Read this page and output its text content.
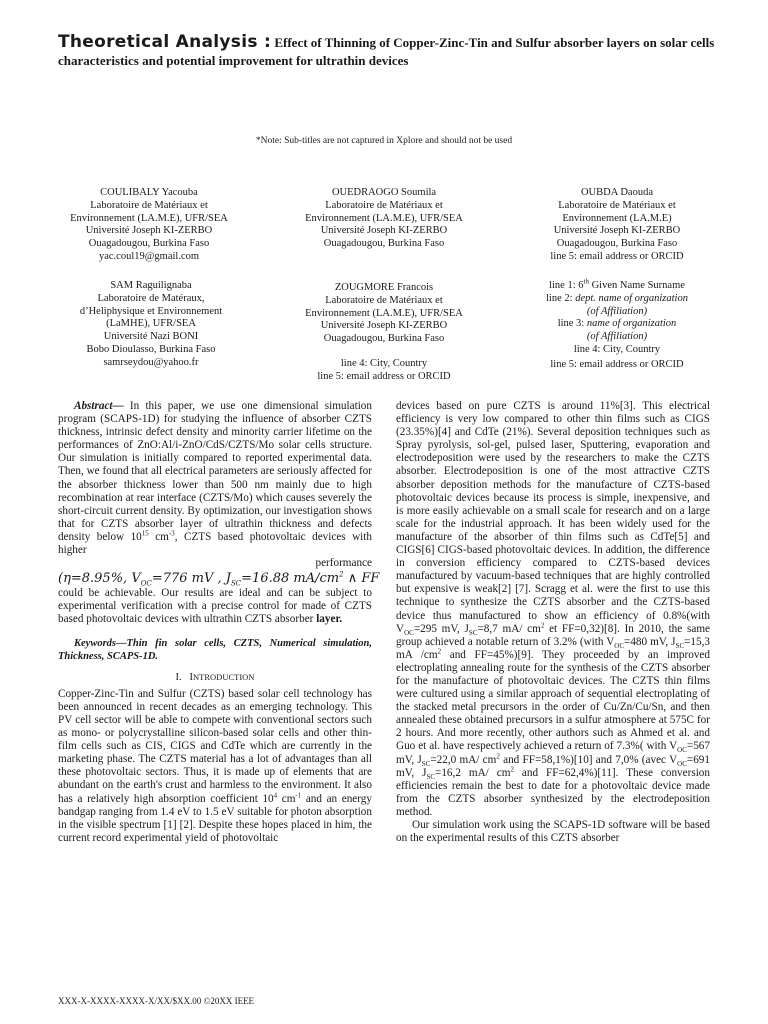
Theoretical Analysis : Effect of Thinning of Copper-Zinc-Tin and Sulfur absorber layers on solar cells characteristics and potential improvement for ultrathin devices
*Note: Sub-titles are not captured in Xplore and should not be used
COULIBALY Yacouba
Laboratoire de Matériaux et
Environnement (LA.M.E), UFR/SEA
Université Joseph KI-ZERBO
Ouagadougou, Burkina Faso
yac.coul19@gmail.com
OUEDRAOGO Soumila
Laboratoire de Matériaux et
Environnement (LA.M.E), UFR/SEA
Université Joseph KI-ZERBO
Ouagadougou, Burkina Faso
OUBDA Daouda
Laboratoire de Matériaux et
Environnement (LA.M.E)
Université Joseph KI-ZERBO
Ouagadougou, Burkina Faso
line 5: email address or ORCID
SAM Raguilignaba
Laboratoire de Matéraux,
d’Heliphysique et Environnement
(LaMHE), UFR/SEA
Université Nazi BONI
Bobo Dioulasso, Burkina Faso
samrseydou@yahoo.fr
ZOUGMORE Francois
Laboratoire de Matériaux et
Environnement (LA.M.E), UFR/SEA
Université Joseph KI-ZERBO
Ouagadougou, Burkina Faso
line 4: City, Country
line 5: email address or ORCID
line 1: 6th Given Name Surname
line 2: dept. name of organization
(of Affiliation)
line 3: name of organization
(of Affiliation)
line 4: City, Country
line 5: email address or ORCID

Abstract— In this paper, we use one dimensional simulation program (SCAPS-1D) for studying the influence of absorber CZTS thickness, intrinsic defect density and minority carrier lifetime on the performances of ZnO:Al/i-ZnO/CdS/CZTS/Mo solar cells structure. Our simulation is initially compared to reported experimental data. Then, we found that all electrical parameters are seriously affected for the absorber thickness lower than 500 nm mainly due to high recombination at rear interface (CZTS/Mo) which causes severely the short-circuit current density. By optimization, our investigation shows that for CZTS absorber layer of ultrathin thickness and defects density below $10^{15}$ $cm^{-3}$, CZTS based photovoltaic devices with higher
performance

(η=8.95%, $V_{OC}=776$ mV , $J_{SC}=16.88$ $mA/cm^2$ ∧ FF

could be achievable. Our results are ideal and can be subject to experimental verification with a precise control for made of CZTS based photovoltaic devices with ultrathin CZTS absorber layer.

Keywords—Thin fin solar cells, CZTS, Numerical simulation, Thickness, SCAPS-1D.

I. INTRODUCTION

Copper-Zinc-Tin and Sulfur (CZTS) based solar cell technology has been announced in recent decades as an emerging technology. This PV cell sector will be able to compete with conventional sectors such as mono- or polycrystalline silicon-based solar cells and other thin-film cells such as CIS, CIGS and CdTe which are currently in the marketing phase. The CZTS material has a lot of advantages than all these photovoltaic sectors. Thus, it is made up of elements that are abundant on the earth's crust and harmless to the environment. It also has a relatively high absorption coefficient $10^4$ $cm^{-1}$ and an energy bandgap ranging from 1.4 eV to 1.5 eV suitable for photon absorption in the visible spectrum [1] [2]. Despite these hopes placed in him, the current record experimental yield of photovoltaic

devices based on pure CZTS is around 11%[3]. This electrical efficiency is very low compared to other thin films such as CIGS (23.35%)[4] and CdTe (21%). Several deposition techniques such as Spray pyrolysis, sol-gel, pulsed laser, Sputtering, evaporation and electrodeposition were used by the researchers to make the CZTS absorber. Electrodeposition is one of the most attractive CZTS absorber deposition methods for the manufacture of CZTS-based photovoltaic devices because its process is simple, inexpensive, and is more easily achievable on a small scale for research and on a large scale for the industrial approach. It has been widely used for the manufacture of the absorber of thin films such as CdTe[5] and CIGS[6] CIGS-based photovoltaic devices. In addition, the difference in conversion efficiency compared to CZTS-based devices manufactured by vacuum-based techniques that are highly controlled but expensive is weak[2] [7]. Scragg et al. were the first to use this technique to synthesize the CZTS absorber and the CZTS-based device thus manufactured to show an efficiency of 0.8%(with $V_{OC}=295$ mV, $J_{SC}=8,7$ mA/ $cm^2$ et FF=0,32)[8]. In 2010, the same group achieved a notable return of 3.2% (with $V_{OC}=480$ mV, $J_{SC}=15,3$ mA $/cm^2$ and FF=45%)[9]. They proceeded by an improved electroplating annealing route for the synthesis of the CZTS absorber for the manufacture of photovoltaic devices. The CZTS thin films were cultured using a similar approach of sequential electroplating of the stacked metal precursors in the order of Cu/Zn/Cu/Sn, and then annealed these obtained precursors in a sulfur atmosphere at 575C for 2 hours. And more recently, other authors such as Ahmed et al. and Guo et al. have respectively achieved a return of 7.3%( with $V_{OC}=567$ mV, $J_{SC}=22,0$ mA/ $cm^2$ and FF=58,1%)[10] and 7,0% (avec $V_{OC}=691$ mV, $J_{SC}=16,2$ mA/ $cm^2$ and FF=62,4%)[11]. These conversion efficiencies remain the best to date for a photovoltaic device made from the CZTS absorber synthesized by the electrodeposition method.

Our simulation work using the SCAPS-1D software will be based on the experimental results of this CZTS absorber

XXX-X-XXXX-XXXX-X/XX/$XX.00 ©20XX IEEE
